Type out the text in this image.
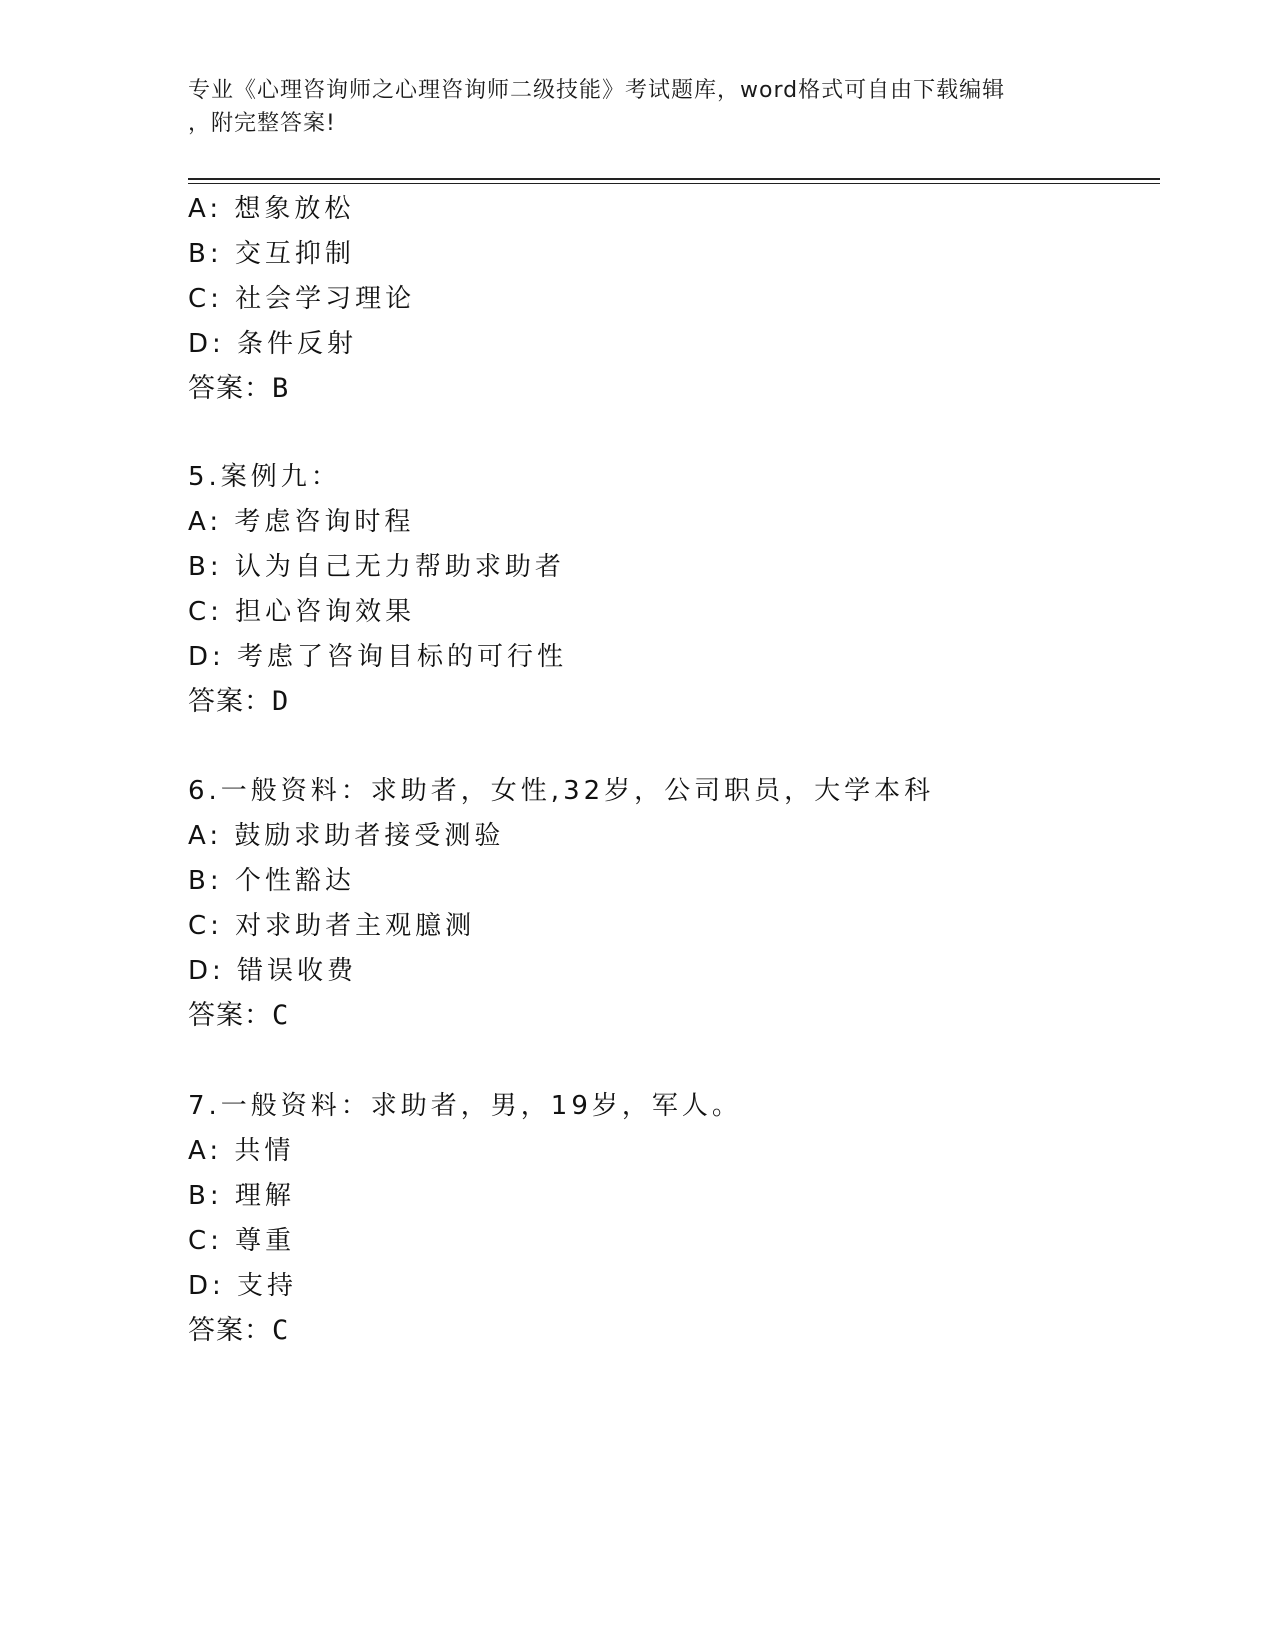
专业《心理咨询师之心理咨询师二级技能》考试题库，word格式可自由下载编辑
，附完整答案!
A: 想象放松
B: 交互抑制
C: 社会学习理论
D: 条件反射
答案：B
5.案例九：
A: 考虑咨询时程
B: 认为自己无力帮助求助者
C: 担心咨询效果
D: 考虑了咨询目标的可行性
答案：D
6.一般资料：求助者，女性,32岁，公司职员，大学本科
A: 鼓励求助者接受测验
B: 个性豁达
C: 对求助者主观臆测
D: 错误收费
答案：C
7.一般资料：求助者，男，19岁，军人。
A: 共情
B: 理解
C: 尊重
D: 支持
答案：C
